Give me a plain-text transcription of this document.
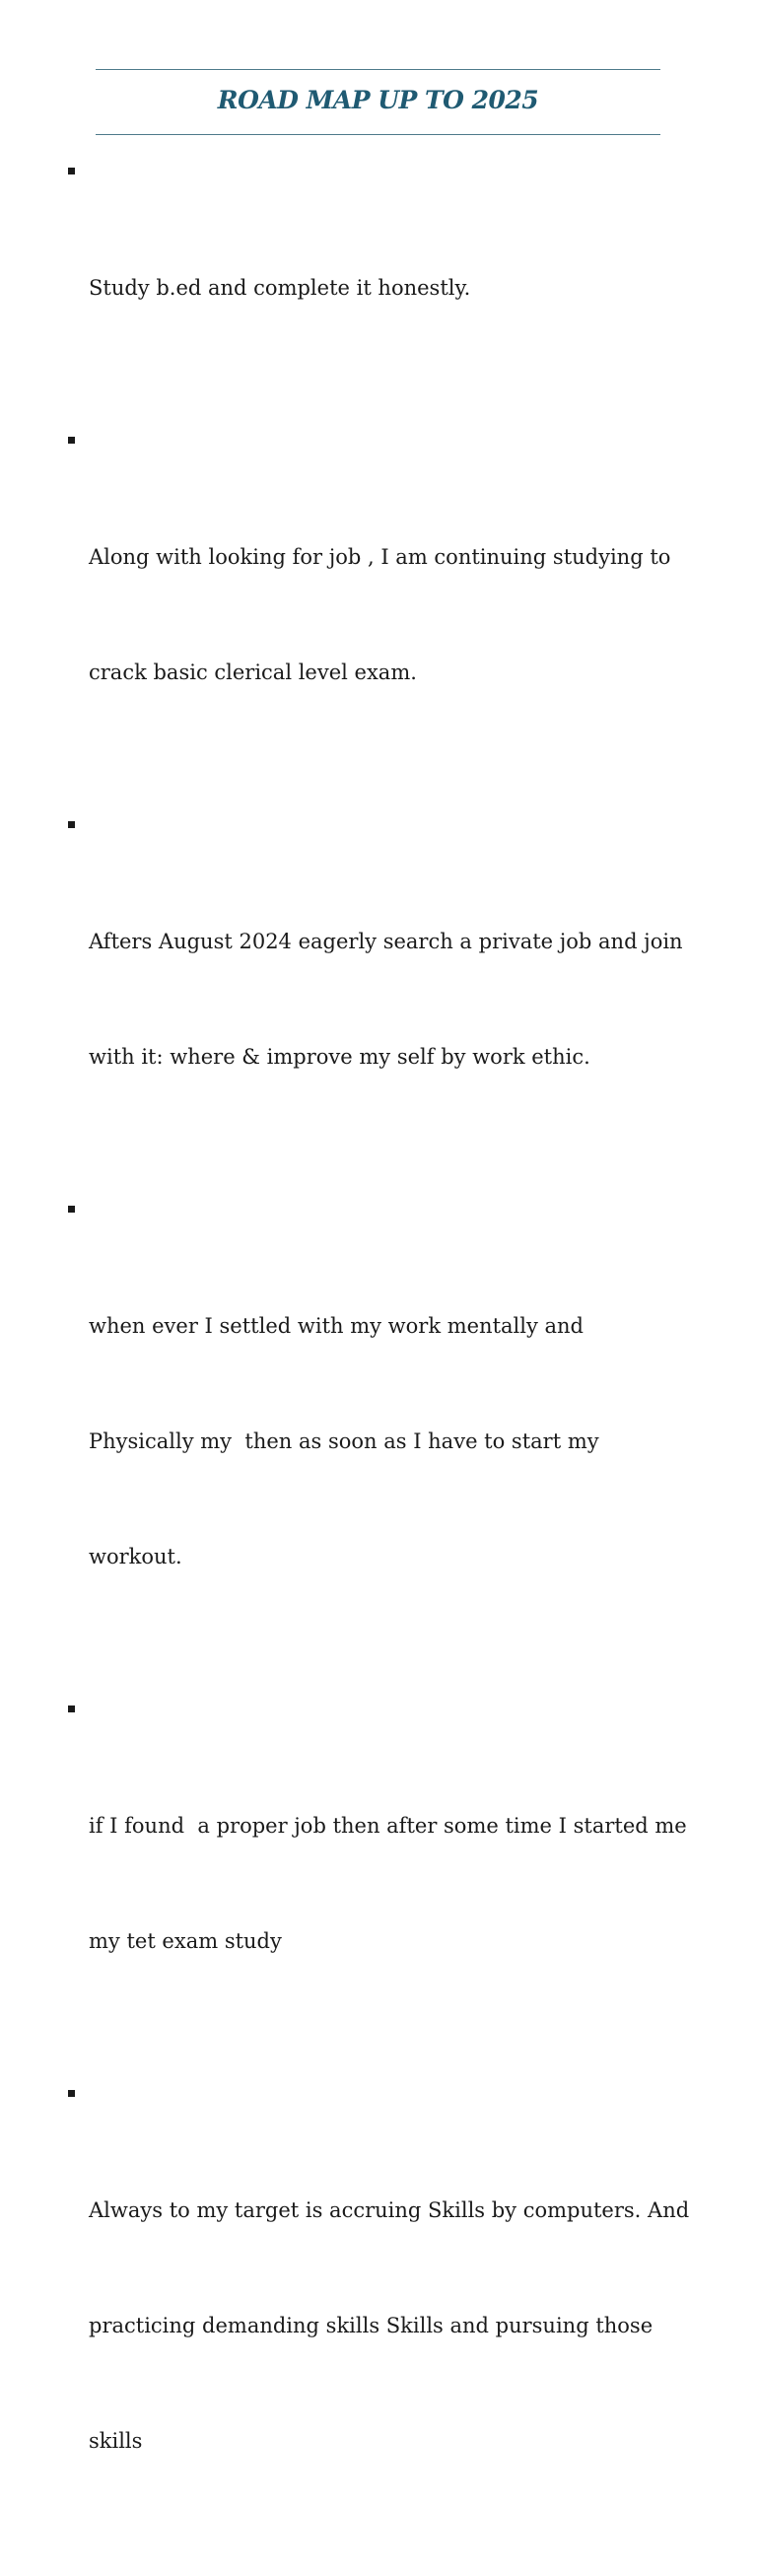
ROAD MAP UP TO 2025

Study b.ed and complete it honestly.

Along with looking for job , I am continuing studying to

crack basic clerical level exam.

Afters August 2024 eagerly search a private job and join

with it: where & improve my self by work ethic.

when ever I settled with my work mentally and

Physically my  then as soon as I have to start my

workout.

if I found  a proper job then after some time I started me

my tet exam study

Always to my target is accruing Skills by computers. And

practicing demanding skills Skills and pursuing those

skills
